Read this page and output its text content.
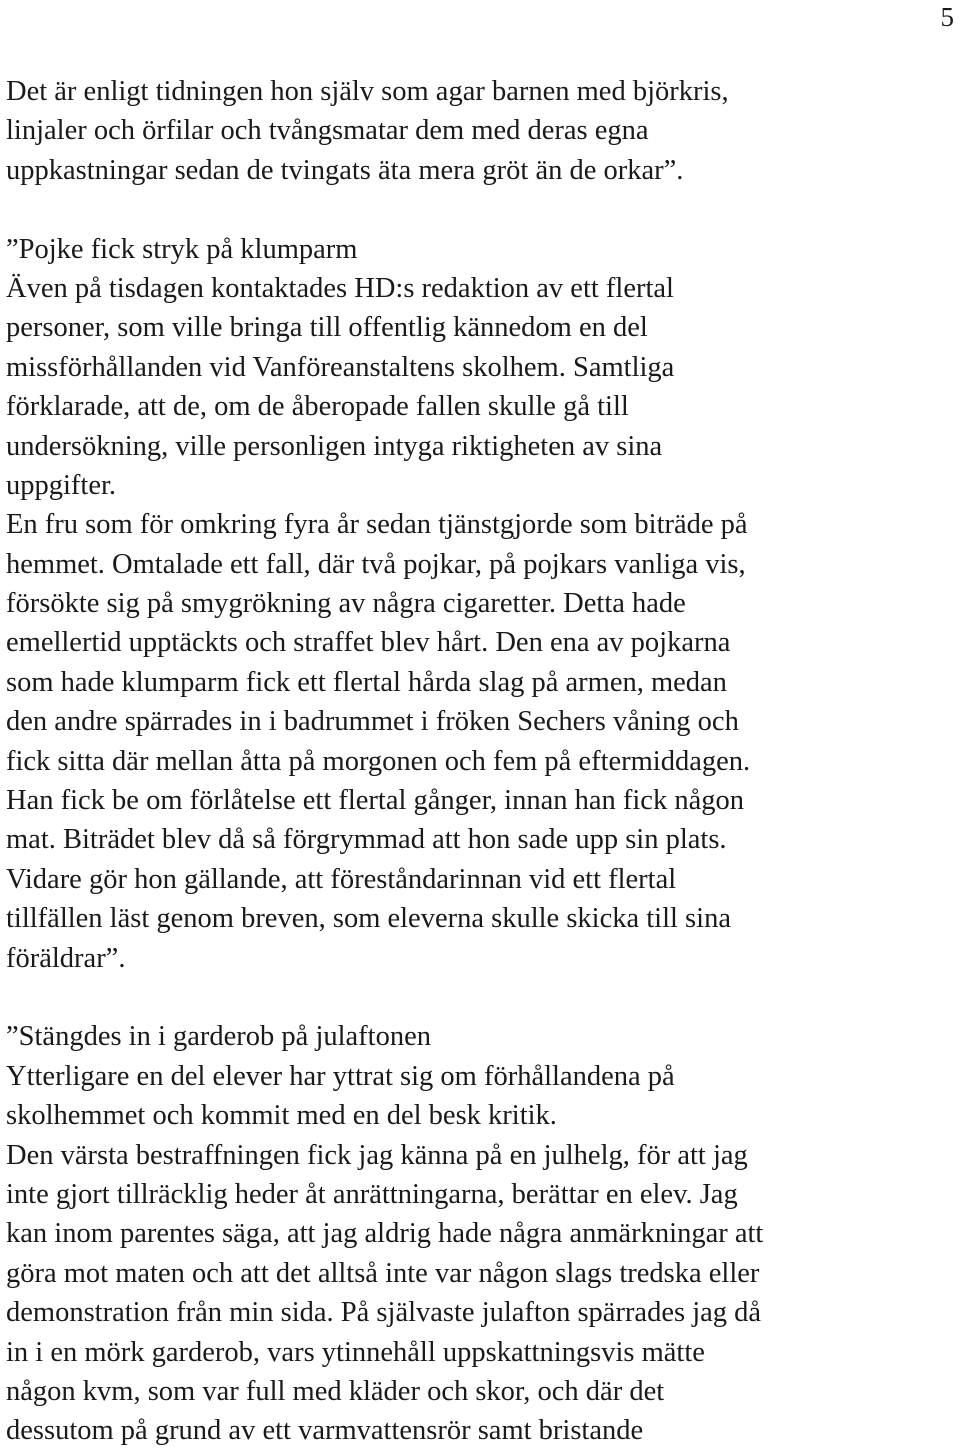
5
Det är enligt tidningen hon själv som agar barnen med björkris,
linjaler och örfilar och tvångsmatar dem med deras egna
uppkastningar sedan de tvingats äta mera gröt än de orkar”.
”Pojke fick stryk på klumparm
Även på tisdagen kontaktades HD:s redaktion av ett flertal
personer, som ville bringa till offentlig kännedom en del
missförhållanden vid Vanföreanstaltens skolhem. Samtliga
förklarade, att de, om de åberopade fallen skulle gå till
undersökning, ville personligen intyga riktigheten av sina
uppgifter.
En fru som för omkring fyra år sedan tjänstgjorde som biträde på
hemmet. Omtalade ett fall, där två pojkar, på pojkars vanliga vis,
försökte sig på smygrökning av några cigaretter. Detta hade
emellertid upptäckts och straffet blev hårt. Den ena av pojkarna
som hade klumparm fick ett flertal hårda slag på armen, medan
den andre spärrades in i badrummet i fröken Sechers våning och
fick sitta där mellan åtta på morgonen och fem på eftermiddagen.
Han fick be om förlåtelse ett flertal gånger, innan han fick någon
mat. Biträdet blev då så förgrymmad att hon sade upp sin plats.
Vidare gör hon gällande, att föreståndarinnan vid ett flertal
tillfällen läst genom breven, som eleverna skulle skicka till sina
föräldrar”.
”Stängdes in i garderob på julaftonen
Ytterligare en del elever har yttrat sig om förhållandena på
skolhemmet och kommit med en del besk kritik.
Den värsta bestraffningen fick jag känna på en julhelg, för att jag
inte gjort tillräcklig heder åt anrättningarna, berättar en elev. Jag
kan inom parentes säga, att jag aldrig hade några anmärkningar att
göra mot maten och att det alltså inte var någon slags tredska eller
demonstration från min sida. På självaste julafton spärrades jag då
in i en mörk garderob, vars ytinnehåll uppskattningsvis mätte
någon kvm, som var full med kläder och skor, och där det
dessutom på grund av ett varmvattensrör samt bristande
